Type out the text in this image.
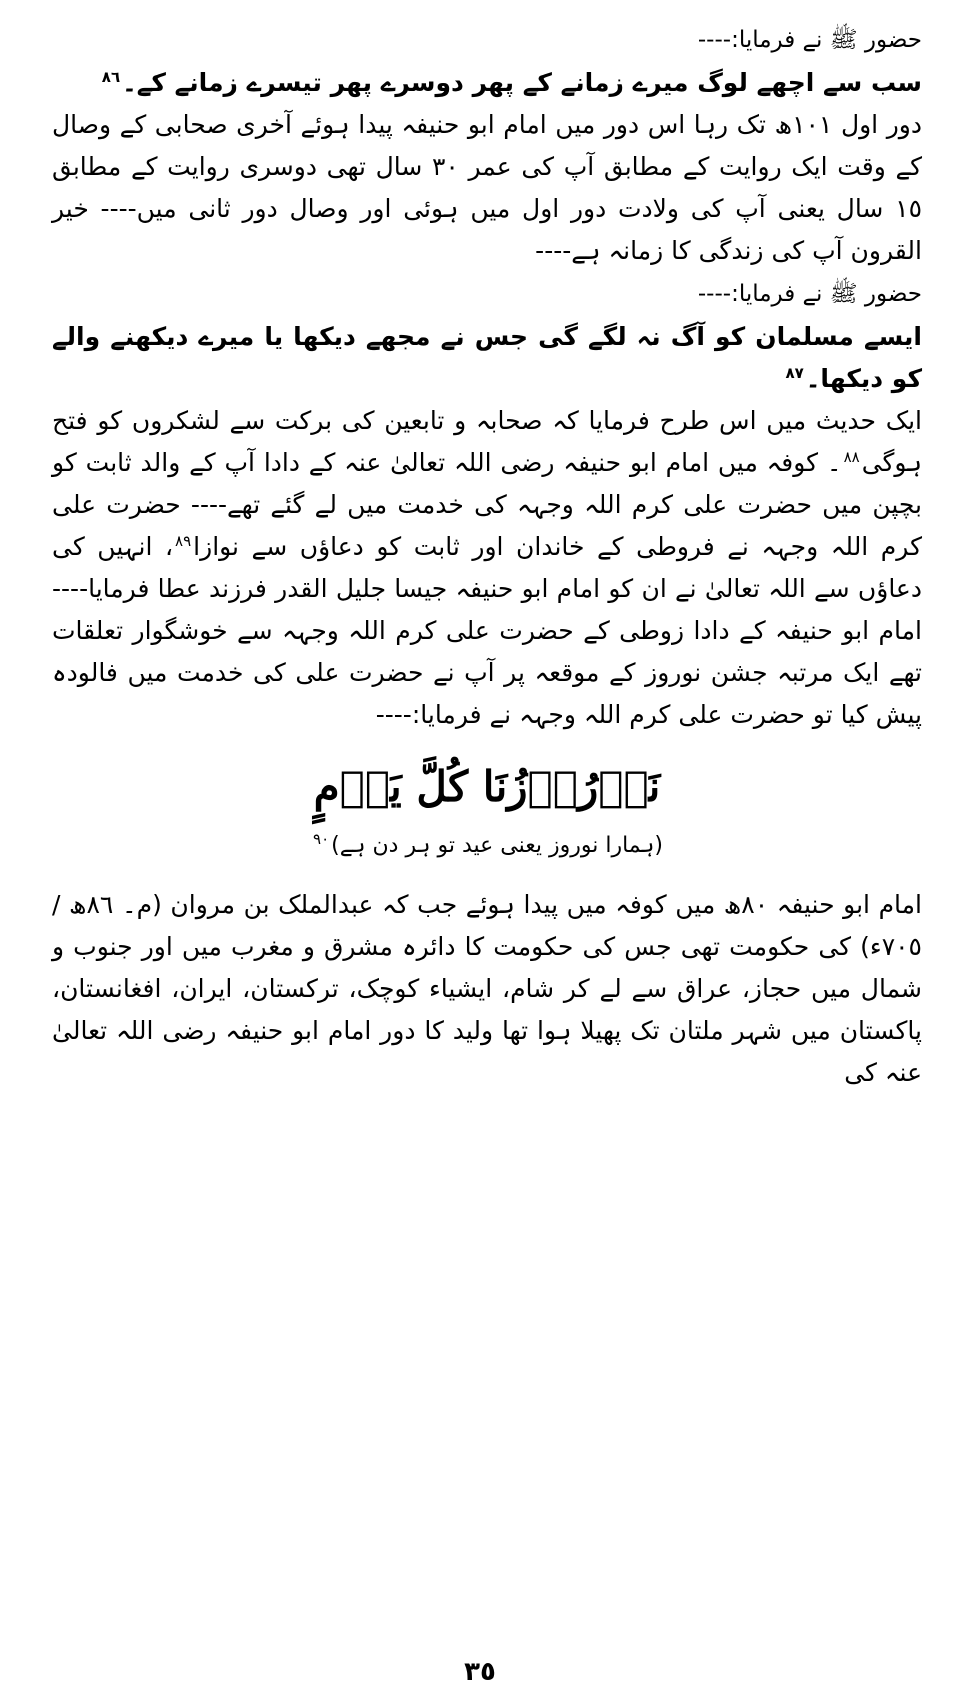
حضور ﷺ نے فرمایا:----

سب سے اچھے لوگ میرے زمانے کے پھر دوسرے پھر تیسرے زمانے کے۔$^{۸٦}$

دور اول ١٠١ھ تک رہا اس دور میں امام ابو حنیفہ پیدا ہوئے آخری صحابی کے وصال کے وقت ایک روایت کے مطابق آپ کی عمر ٣٠ سال تھی دوسری روایت کے مطابق ١٥ سال یعنی آپ کی ولادت دور اول میں ہوئی اور وصال دور ثانی میں---- خیر القرون آپ کی زندگی کا زمانہ ہے----

حضور ﷺ نے فرمایا:----

ایسے مسلمان کو آگ نہ لگے گی جس نے مجھے دیکھا یا میرے دیکھنے والے کو دیکھا۔$^{۸۷}$

ایک حدیث میں اس طرح فرمایا کہ صحابہ و تابعین کی برکت سے لشکروں کو فتح ہوگی$^{۸۸}$۔ کوفہ میں امام ابو حنیفہ رضی اللہ تعالیٰ عنہ کے دادا آپ کے والد ثابت کو بچپن میں حضرت علی کرم اللہ وجہہ کی خدمت میں لے گئے تھے---- حضرت علی کرم اللہ وجہہ نے فروطی کے خاندان اور ثابت کو دعاؤں سے نوازا$^{۸۹}$، انہیں کی دعاؤں سے اللہ تعالیٰ نے ان کو امام ابو حنیفہ جیسا جلیل القدر فرزند عطا فرمایا---- امام ابو حنیفہ کے دادا زوطی کے حضرت علی کرم اللہ وجہہ سے خوشگوار تعلقات تھے ایک مرتبہ جشن نوروز کے موقعہ پر آپ نے حضرت علی کی خدمت میں فالودہ پیش کیا تو حضرت علی کرم اللہ وجہہ نے فرمایا:----

نَوۡرُوۡزُنَا كُلَّ يَوۡمٍ

(ہمارا نوروز یعنی عید تو ہر دن ہے)$^{۹۰}$

امام ابو حنیفہ ٨٠ھ میں کوفہ میں پیدا ہوئے جب کہ عبدالملک بن مروان (م۔ ٨٦ھ / ٧٠٥ء) کی حکومت تھی جس کی حکومت کا دائرہ مشرق و مغرب میں اور جنوب و شمال میں حجاز، عراق سے لے کر شام، ایشیاء کوچک، ترکستان، ایران، افغانستان، پاکستان میں شہر ملتان تک پھیلا ہوا تھا ولید کا دور امام ابو حنیفہ رضی اللہ تعالیٰ عنہ کی

٣٥
